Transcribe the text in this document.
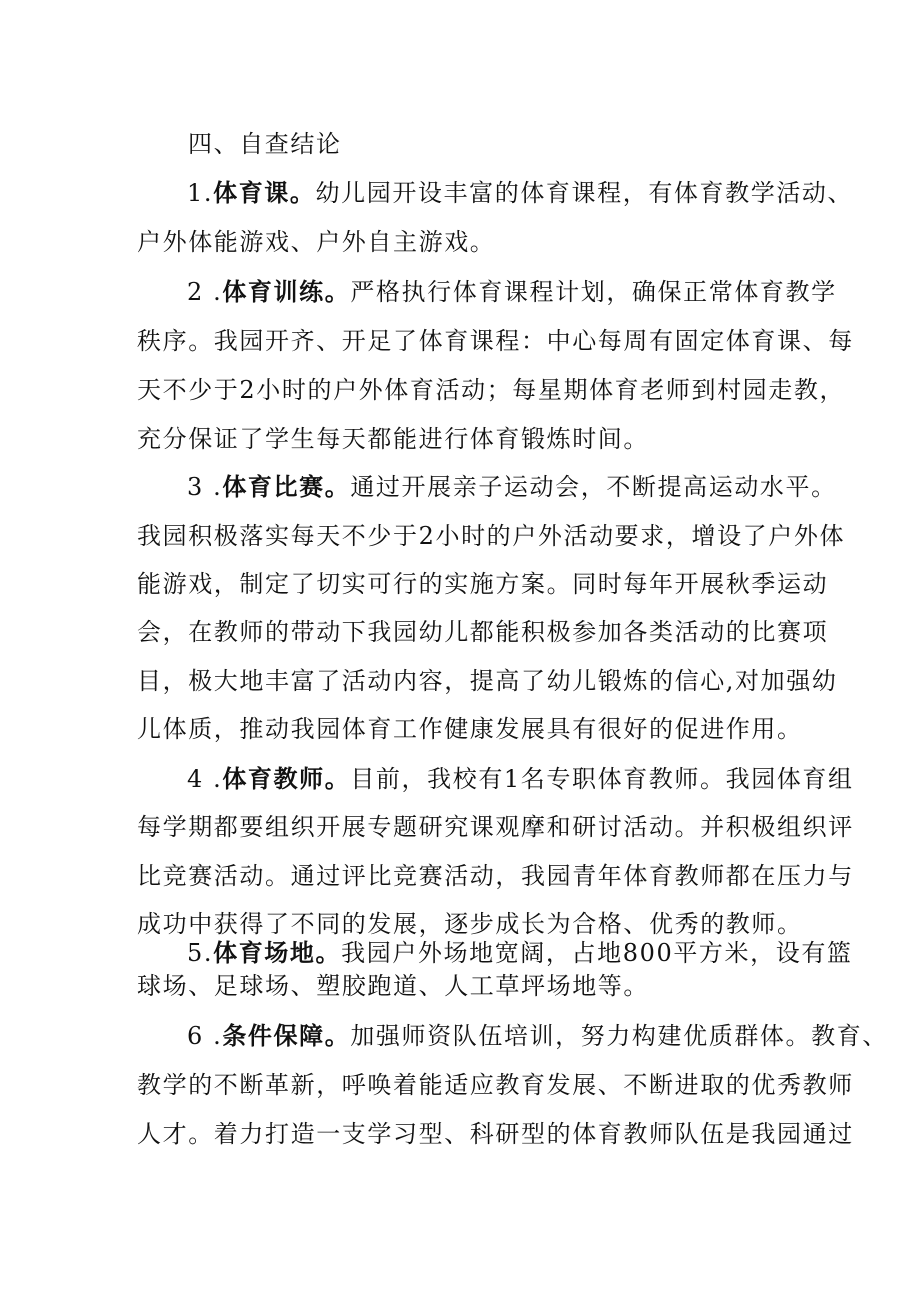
四、自查结论
1.体育课。幼儿园开设丰富的体育课程，有体育教学活动、
户外体能游戏、户外自主游戏。
2 .体育训练。严格执行体育课程计划，确保正常体育教学
秩序。我园开齐、开足了体育课程：中心每周有固定体育课、每
天不少于2小时的户外体育活动；每星期体育老师到村园走教，
充分保证了学生每天都能进行体育锻炼时间。
3 .体育比赛。通过开展亲子运动会，不断提高运动水平。
我园积极落实每天不少于2小时的户外活动要求，增设了户外体
能游戏，制定了切实可行的实施方案。同时每年开展秋季运动
会，在教师的带动下我园幼儿都能积极参加各类活动的比赛项
目，极大地丰富了活动内容，提高了幼儿锻炼的信心,对加强幼
儿体质，推动我园体育工作健康发展具有很好的促进作用。
4 .体育教师。目前，我校有1名专职体育教师。我园体育组
每学期都要组织开展专题研究课观摩和研讨活动。并积极组织评
比竞赛活动。通过评比竞赛活动，我园青年体育教师都在压力与
成功中获得了不同的发展，逐步成长为合格、优秀的教师。
5.体育场地。我园户外场地宽阔，占地800平方米，设有篮
球场、足球场、塑胶跑道、人工草坪场地等。
6 .条件保障。加强师资队伍培训，努力构建优质群体。教育、
教学的不断革新，呼唤着能适应教育发展、不断进取的优秀教师
人才。着力打造一支学习型、科研型的体育教师队伍是我园通过
